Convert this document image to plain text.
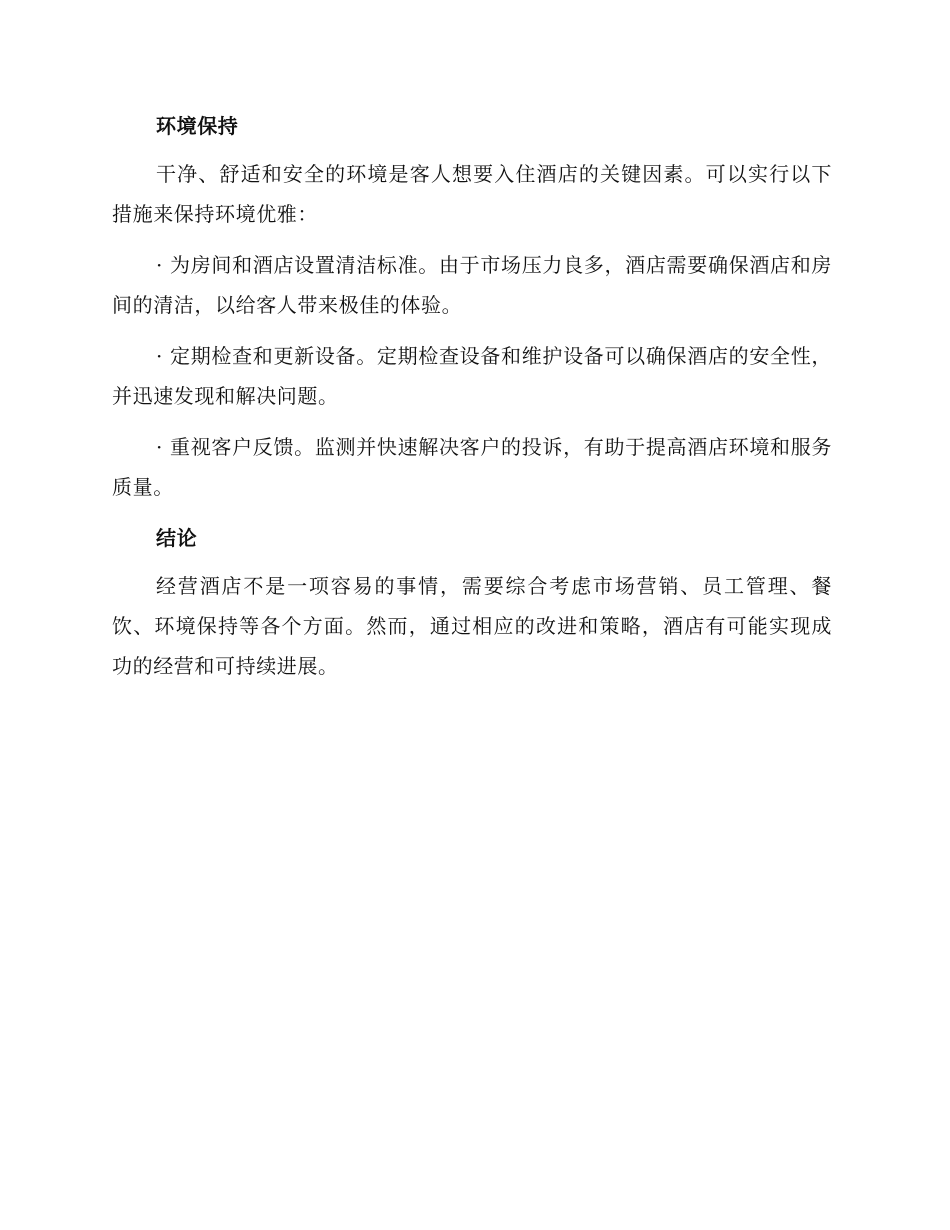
环境保持

干净、舒适和安全的环境是客人想要入住酒店的关键因素。可以实行以下措施来保持环境优雅：

· 为房间和酒店设置清洁标准。由于市场压力良多，酒店需要确保酒店和房间的清洁，以给客人带来极佳的体验。

· 定期检查和更新设备。定期检查设备和维护设备可以确保酒店的安全性，并迅速发现和解决问题。

· 重视客户反馈。监测并快速解决客户的投诉，有助于提高酒店环境和服务质量。

结论

经营酒店不是一项容易的事情，需要综合考虑市场营销、员工管理、餐饮、环境保持等各个方面。然而，通过相应的改进和策略，酒店有可能实现成功的经营和可持续进展。
